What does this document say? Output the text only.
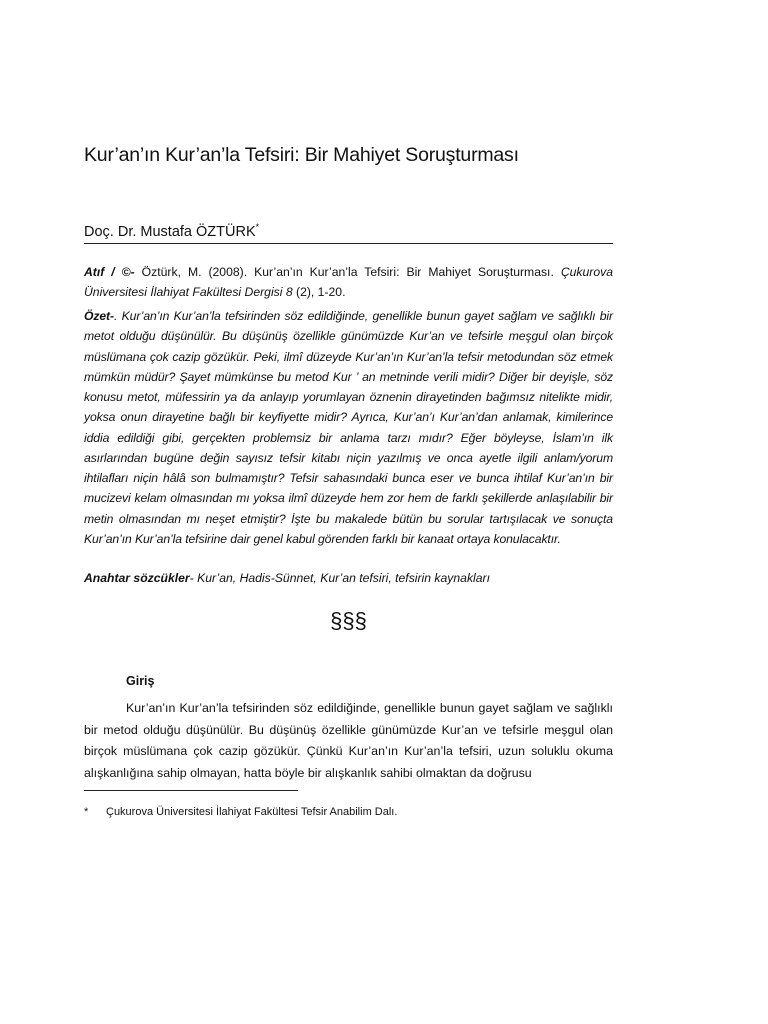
Kur’an’ın Kur’an’la Tefsiri: Bir Mahiyet Soruşturması
Doç. Dr. Mustafa ÖZTÜRK*

Atıf / ©- Öztürk, M. (2008). Kur’an’ın Kur’an’la Tefsiri: Bir Mahiyet Soruşturması. Çukurova Üniversitesi İlahiyat Fakültesi Dergisi 8 (2), 1-20.

Özet-. Kur’an’ın Kur’an’la tefsirinden söz edildiğinde, genellikle bunun gayet sağlam ve sağlıklı bir metot olduğu düşünülür. Bu düşünüş özellikle günümüzde Kur’an ve tefsirle meşgul olan birçok müslümana çok cazip gözükür. Peki, ilmî düzeyde Kur’an’ın Kur’an’la tefsir metodundan söz etmek mümkün müdür? Şayet mümkünse bu metod Kur ’ an metninde verili midir? Diğer bir deyişle, söz konusu metot, müfessirin ya da anlayıp yorumlayan öznenin dirayetinden bağımsız nitelikte midir, yoksa onun dirayetine bağlı bir keyfiyette midir? Ayrıca, Kur’an’ı Kur’an’dan anlamak, kimilerince iddia edildiği gibi, gerçekten problemsiz bir anlama tarzı mıdır? Eğer böyleyse, İslam’ın ilk asırlarından bugüne değin sayısız tefsir kitabı niçin yazılmış ve onca ayetle ilgili anlam/yorum ihtilafları niçin hâlâ son bulmamıştır? Tefsir sahasındaki bunca eser ve bunca ihtilaf Kur’an’ın bir mucizevi kelam olmasından mı yoksa ilmî düzeyde hem zor hem de farklı şekillerde anlaşılabilir bir metin olmasından mı neşet etmiştir? İşte bu makalede bütün bu sorular tartışılacak ve sonuçta Kur’an’ın Kur’an’la tefsirine dair genel kabul görenden farklı bir kanaat ortaya konulacaktır.

Anahtar sözcükler- Kur’an, Hadis-Sünnet, Kur’an tefsiri, tefsirin kaynakları

§§§

Giriş

Kur’an’ın Kur’an’la tefsirinden söz edildiğinde, genellikle bunun gayet sağlam ve sağlıklı bir metod olduğu düşünülür. Bu düşünüş özellikle günümüzde Kur’an ve tefsirle meşgul olan birçok müslümana çok cazip gözükür. Çünkü Kur’an’ın Kur’an’la tefsiri, uzun soluklu okuma alışkanlığına sahip olmayan, hatta böyle bir alışkanlık sahibi olmaktan da doğrusu

* Çukurova Üniversitesi İlahiyat Fakültesi Tefsir Anabilim Dalı.
